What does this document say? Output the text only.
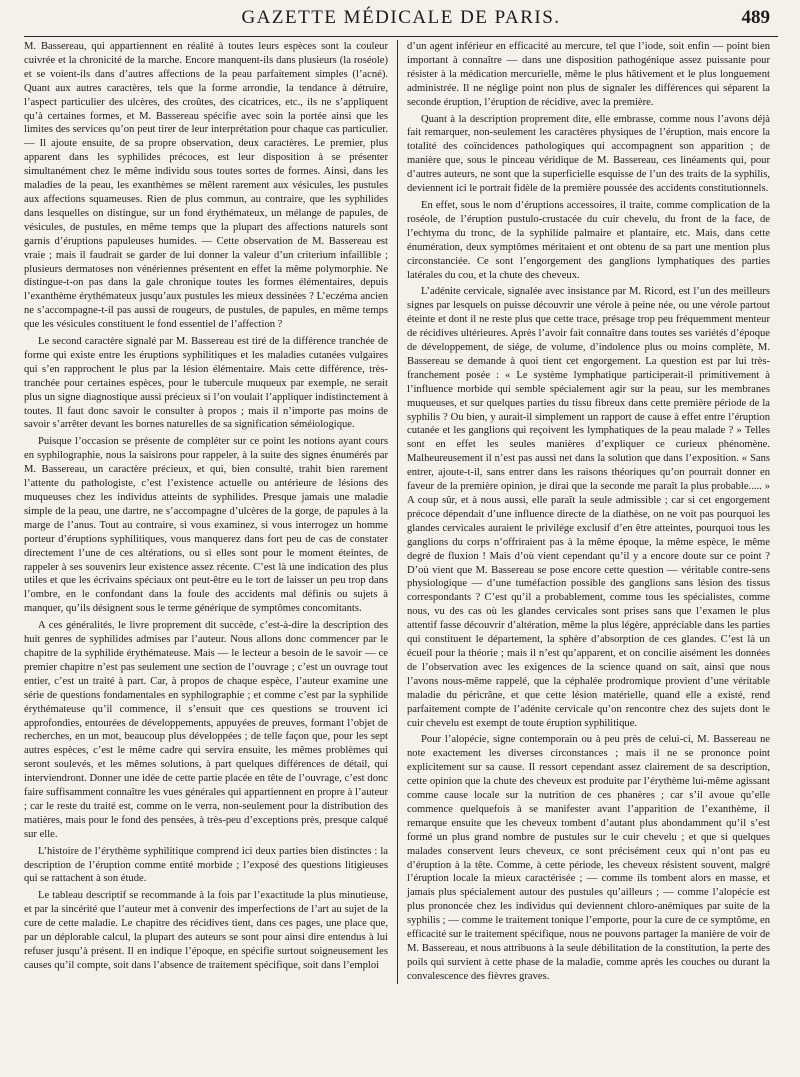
GAZETTE MÉDICALE DE PARIS.	489

M. Bassereau, qui appartiennent en réalité à toutes leurs espèces sont la couleur cuivrée et la chronicité de la marche. Encore manquent-ils dans plusieurs (la roséole) et se voient-ils dans d’autres affections de la peau parfaitement simples (l’acné). Quant aux autres caractères, tels que la forme arrondie, la tendance à détruire, l’aspect particulier des ulcères, des croûtes, des cicatrices, etc., ils ne s’appliquent qu’à certaines formes, et M. Bassereau spécifie avec soin la portée ainsi que les limites des services qu’on peut tirer de leur interprétation pour chaque cas particulier. — Il ajoute ensuite, de sa propre observation, deux caractères. Le premier, plus apparent dans les syphilides précoces, est leur disposition à se présenter simultanément chez le même individu sous toutes sortes de formes. Ainsi, dans les maladies de la peau, les exanthèmes se mêlent rarement aux vésicules, les pustules aux affections squameuses. Rien de plus commun, au contraire, que les syphilides dans lesquelles on distingue, sur un fond érythémateux, un mélange de papules, de vésicules, de pustules, en même temps que la plupart des affections naturels sont garnis d’éruptions papuleuses humides. — Cette observation de M. Bassereau est vraie ; mais il faudrait se garder de lui donner la valeur d’un criterium infaillible ; plusieurs dermatoses non vénériennes présentent en effet la même polymorphie. Ne distingue-t-on pas dans la gale chronique toutes les formes élémentaires, depuis l’exanthème érythémateux jusqu’aux pustules les mieux dessinées ? L’eczéma ancien ne s’accompagne-t-il pas aussi de rougeurs, de pustules, de papules, en même temps que les vésicules constituent le fond essentiel de l’affection ?

Le second caractère signalé par M. Bassereau est tiré de la différence tranchée de forme qui existe entre les éruptions syphilitiques et les maladies cutanées vulgaires qui s’en rapprochent le plus par la lésion élémentaire. Mais cette différence, très-tranchée pour certaines espèces, pour le tubercule muqueux par exemple, ne serait plus un signe diagnostique aussi précieux si l’on voulait l’appliquer indistinctement à toutes. Il faut donc savoir le consulter à propos ; mais il n’importe pas moins de savoir s’arrêter devant les bornes naturelles de sa signification séméiologique.

Puisque l’occasion se présente de compléter sur ce point les notions ayant cours en syphilographie, nous la saisirons pour rappeler, à la suite des signes énumérés par M. Bassereau, un caractère précieux, et qui, bien consulté, trahit bien rarement l’attente du pathologiste, c’est l’existence actuelle ou antérieure de lésions des muqueuses chez les individus atteints de syphilides. Presque jamais une maladie simple de la peau, une dartre, ne s’accompagne d’ulcères de la gorge, de papules à la marge de l’anus. Tout au contraire, si vous examinez, si vous interrogez un homme porteur d’éruptions syphilitiques, vous manquerez dans fort peu de cas de constater directement l’une de ces altérations, ou si elles sont pour le moment éteintes, de rappeler à ses souvenirs leur existence assez récente. C’est là une indication des plus utiles et que les écrivains spéciaux ont peut-être eu le tort de laisser un peu trop dans l’ombre, en le confondant dans la foule des accidents mal définis ou sujets à manquer, qu’ils désignent sous le terme générique de symptômes concomitants.

A ces généralités, le livre proprement dit succède, c’est-à-dire la description des huit genres de syphilides admises par l’auteur. Nous allons donc commencer par le chapitre de la syphilide érythémateuse. Mais — le lecteur a besoin de le savoir — ce premier chapitre n’est pas seulement une section de l’ouvrage ; c’est un ouvrage tout entier, c’est un traité à part. Car, à propos de chaque espèce, l’auteur examine une série de questions fondamentales en syphilographie ; et comme c’est par la syphilide érythémateuse qu’il commence, il s’ensuit que ces questions se trouvent ici approfondies, entourées de développements, appuyées de preuves, formant l’objet de recherches, en un mot, beaucoup plus développées ; de telle façon que, pour les sept autres espèces, c’est le même cadre qui servira ensuite, les mêmes problèmes qui seront soulevés, et les mêmes solutions, à part quelques différences de détail, qui interviendront. Donner une idée de cette partie placée en tête de l’ouvrage, c’est donc faire suffisamment connaître les vues générales qui appartiennent en propre à l’auteur ; car le reste du traité est, comme on le verra, non-seulement pour la distribution des matières, mais pour le fond des pensées, à très-peu d’exceptions près, presque calqué sur elle.

L’histoire de l’érythème syphilitique comprend ici deux parties bien distinctes : la description de l’éruption comme entité morbide ; l’exposé des questions litigieuses qui se rattachent à son étude.

Le tableau descriptif se recommande à la fois par l’exactitude la plus minutieuse, et par la sincérité que l’auteur met à convenir des imperfections de l’art au sujet de la cure de cette maladie. Le chapitre des récidives tient, dans ces pages, une place que, par un déplorable calcul, la plupart des auteurs se sont pour ainsi dire entendus à lui refuser jusqu’à présent. Il en indique l’époque, en spécifie surtout soigneusement les causes qu’il compte, soit dans l’absence de traitement spécifique, soit dans l’emploi

d’un agent inférieur en efficacité au mercure, tel que l’iode, soit enfin — point bien important à connaître — dans une disposition pathogénique assez puissante pour résister à la médication mercurielle, même le plus hâtivement et le plus longuement administrée. Il ne néglige point non plus de signaler les différences qui séparent la seconde éruption, l’éruption de récidive, avec la première.

Quant à la description proprement dite, elle embrasse, comme nous l’avons déjà fait remarquer, non-seulement les caractères physiques de l’éruption, mais encore la totalité des coïncidences pathologiques qui accompagnent son apparition ; de manière que, sous le pinceau véridique de M. Bassereau, ces linéaments qui, pour d’autres auteurs, ne sont que la superficielle esquisse de l’un des traits de la syphilis, deviennent ici le portrait fidèle de la première poussée des accidents constitutionnels.

En effet, sous le nom d’éruptions accessoires, il traite, comme complication de la roséole, de l’éruption pustulo-crustacée du cuir chevelu, du front de la face, de l’echtyma du tronc, de la syphilide palmaire et plantaire, etc. Mais, dans cette énumération, deux symptômes méritaient et ont obtenu de sa part une mention plus circonstanciée. Ce sont l’engorgement des ganglions lymphatiques des parties latérales du cou, et la chute des cheveux.

L’adénite cervicale, signalée avec insistance par M. Ricord, est l’un des meilleurs signes par lesquels on puisse découvrir une vérole à peine née, ou une vérole partout éteinte et dont il ne reste plus que cette trace, présage trop peu fréquemment menteur de récidives ultérieures. Après l’avoir fait connaître dans toutes ses variétés d’époque de développement, de siége, de volume, d’indolence plus ou moins complète, M. Bassereau se demande à quoi tient cet engorgement. La question est par lui très-franchement posée : « Le système lymphatique participerait-il primitivement à l’influence morbide qui semble spécialement agir sur la peau, sur les membranes muqueuses, et sur quelques parties du tissu fibreux dans cette première période de la syphilis ? Ou bien, y aurait-il simplement un rapport de cause à effet entre l’éruption cutanée et les ganglions qui reçoivent les lymphatiques de la peau malade ? » Telles sont en effet les seules manières d’expliquer ce curieux phénomène. Malheureusement il n’est pas aussi net dans la solution que dans l’exposition. « Sans entrer, ajoute-t-il, sans entrer dans les raisons théoriques qu’on pourrait donner en faveur de la première opinion, je dirai que la seconde me paraît la plus probable..... » A coup sûr, et à nous aussi, elle paraît la seule admissible ; car si cet engorgement précoce dépendait d’une influence directe de la diathèse, on ne voit pas pourquoi les glandes cervicales auraient le privilége exclusif d’en être atteintes, pourquoi tous les ganglions du corps n’offriraient pas à la même époque, la même espèce, le même degré de fluxion ! Mais d’où vient cependant qu’il y a encore doute sur ce point ? D’où vient que M. Bassereau se pose encore cette question — véritable contre-sens physiologique — d’une tuméfaction possible des ganglions sans lésion des tissus correspondants ? C’est qu’il a probablement, comme tous les spécialistes, comme nous, vu des cas où les glandes cervicales sont prises sans que l’examen le plus attentif fasse découvrir d’altération, même la plus légère, appréciable dans les parties qui constituent le département, la sphère d’absorption de ces glandes. C’est là un écueil pour la théorie ; mais il n’est qu’apparent, et on concilie aisément les données de l’observation avec les exigences de la science quand on sait, ainsi que nous l’avons nous-même rappelé, que la céphalée prodromique provient d’une véritable maladie du péricrâne, et que cette lésion matérielle, quand elle a existé, rend parfaitement compte de l’adénite cervicale qu’on rencontre chez des sujets dont le cuir chevelu est exempt de toute éruption syphilitique.

Pour l’alopécie, signe contemporain ou à peu près de celui-ci, M. Bassereau ne note exactement les diverses circonstances ; mais il ne se prononce point explicitement sur sa cause. Il ressort cependant assez clairement de sa description, cette opinion que la chute des cheveux est produite par l’érythème lui-même agissant comme cause locale sur la nutrition de ces phanères ; car s’il avoue qu’elle commence quelquefois à se manifester avant l’apparition de l’exanthème, il remarque ensuite que les cheveux tombent d’autant plus abondamment qu’il s’est formé un plus grand nombre de pustules sur le cuir chevelu ; et que si quelques malades conservent leurs cheveux, ce sont précisément ceux qui n’ont pas eu d’éruption à la tête. Comme, à cette période, les cheveux résistent souvent, malgré l’éruption locale la mieux caractérisée ; — comme ils tombent alors en masse, et jamais plus spécialement autour des pustules qu’ailleurs ; — comme l’alopécie est plus prononcée chez les individus qui deviennent chloro-anémiques par suite de la syphilis ; — comme le traitement tonique l’emporte, pour la cure de ce symptôme, en efficacité sur le traitement spécifique, nous ne pouvons partager la manière de voir de M. Bassereau, et nous attribuons à la seule débilitation de la constitution, la perte des poils qui survient à cette phase de la maladie, comme après les couches ou durant la convalescence des fièvres graves.
